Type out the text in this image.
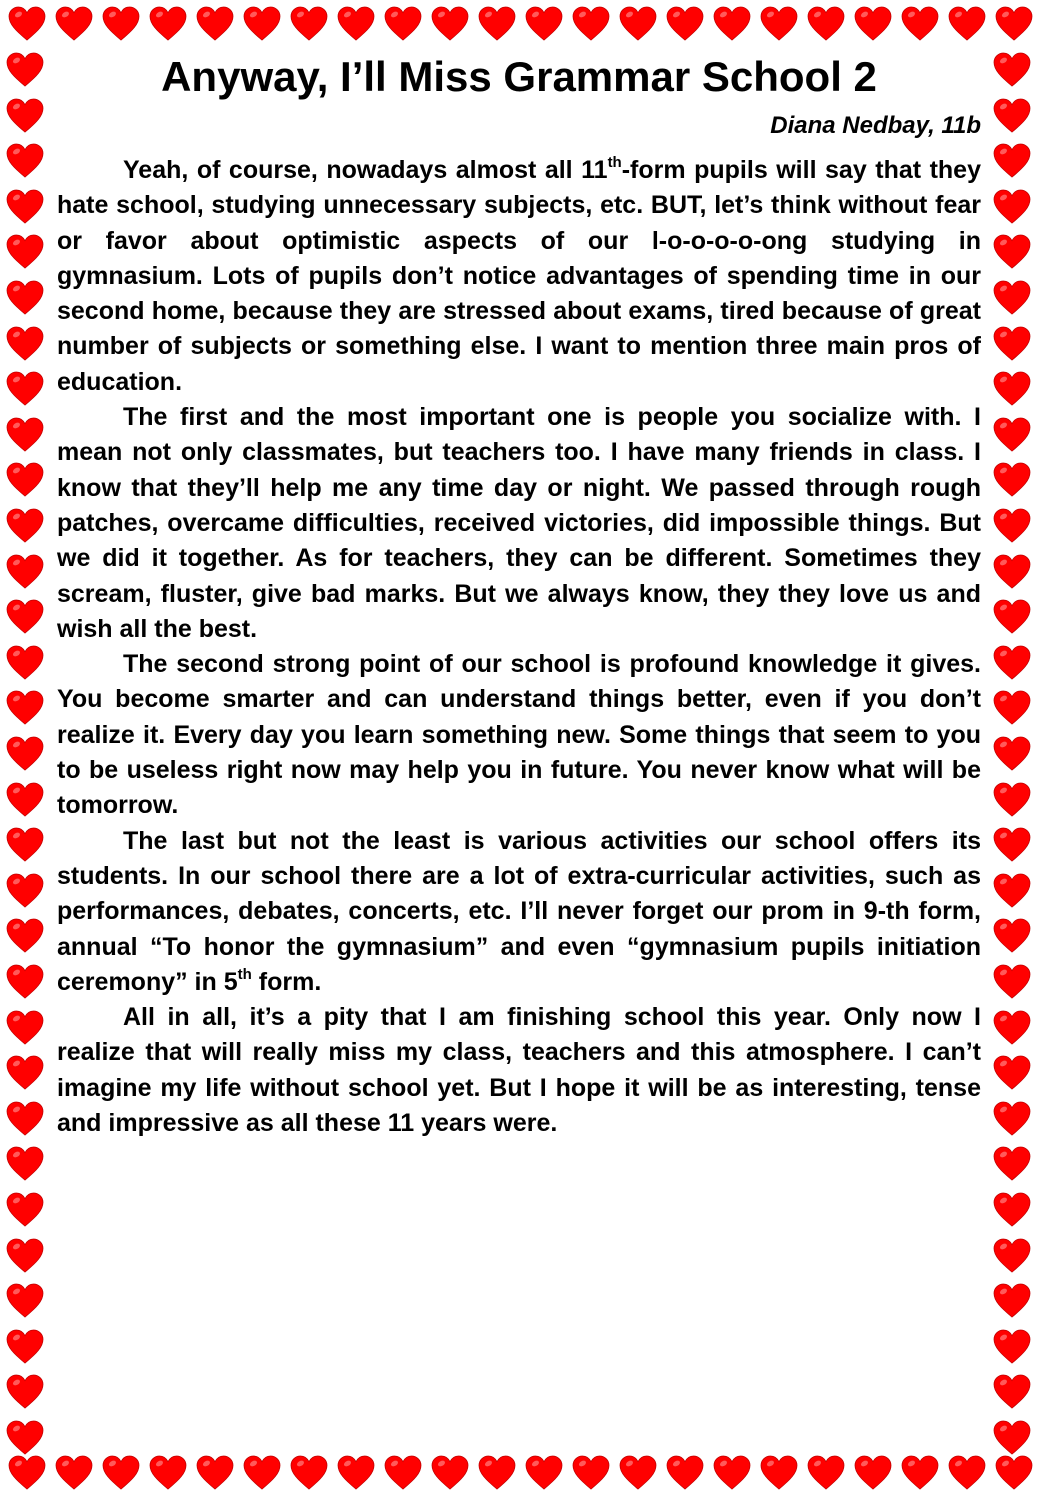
Anyway, I’ll Miss Grammar School 2
Diana Nedbay, 11b

Yeah, of course, nowadays almost all 11th-form pupils will say that they hate school, studying unnecessary subjects, etc. BUT, let’s think without fear or favor about optimistic aspects of our l-o-o-o-o-ong studying in gymnasium. Lots of pupils don’t notice advantages of spending time in our second home, because they are stressed about exams, tired because of great number of subjects or something else. I want to mention three main pros of education.

The first and the most important one is people you socialize with. I mean not only classmates, but teachers too. I have many friends in class. I know that they’ll help me any time day or night. We passed through rough patches, overcame difficulties, received victories, did impossible things. But we did it together. As for teachers, they can be different. Sometimes they scream, fluster, give bad marks. But we always know, they they love us and wish all the best.

The second strong point of our school is profound knowledge it gives. You become smarter and can understand things better, even if you don’t realize it. Every day you learn something new. Some things that seem to you to be useless right now may help you in future. You never know what will be tomorrow.

The last but not the least is various activities our school offers its students. In our school there are a lot of extra-curricular activities, such as performances, debates, concerts, etc. I’ll never forget our prom in 9-th form, annual “To honor the gymnasium” and even “gymnasium pupils initiation ceremony” in 5th form.

All in all, it’s a pity that I am finishing school this year. Only now I realize that will really miss my class, teachers and this atmosphere. I can’t imagine my life without school yet. But I hope it will be as interesting, tense and impressive as all these 11 years were.
